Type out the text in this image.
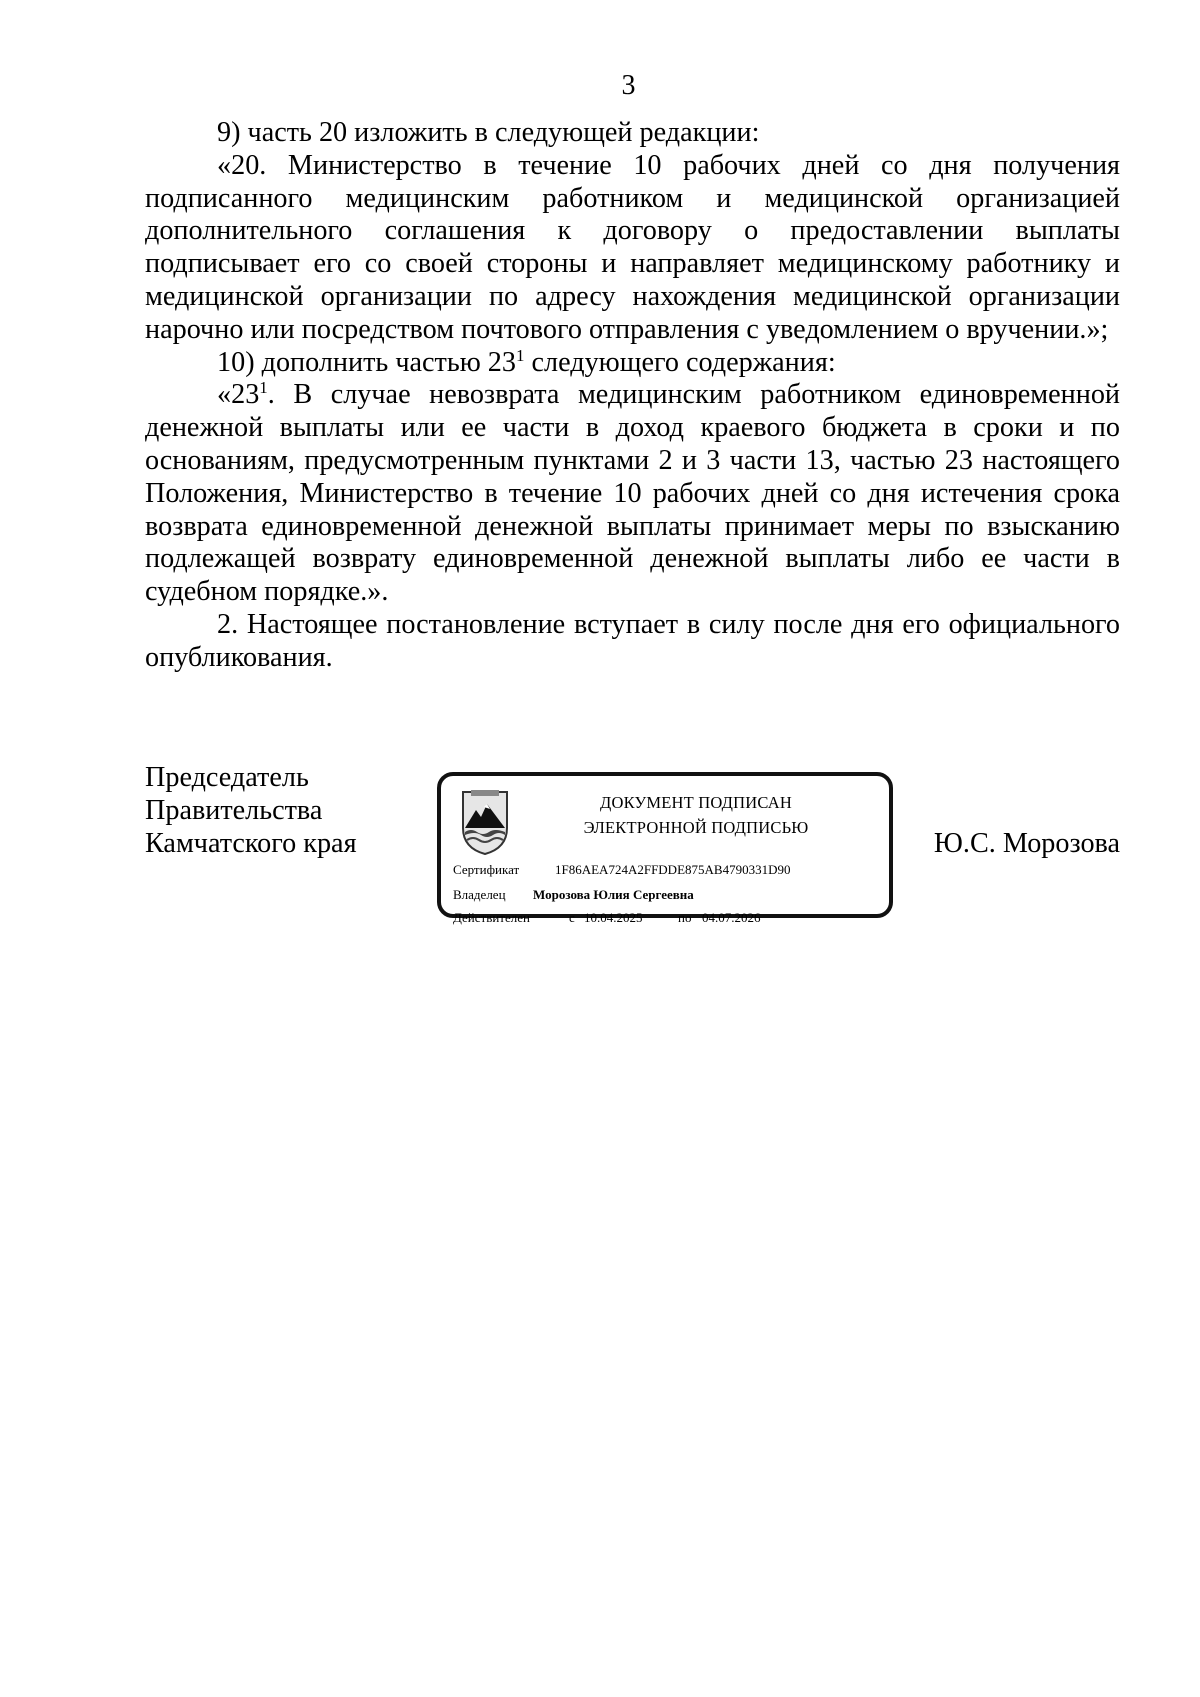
3

9) часть 20 изложить в следующей редакции:

«20. Министерство в течение 10 рабочих дней со дня получения подписанного медицинским работником и медицинской организацией дополнительного соглашения к договору о предоставлении выплаты подписывает его со своей стороны и направляет медицинскому работнику и медицинской организации по адресу нахождения медицинской организации нарочно или посредством почтового отправления с уведомлением о вручении.»;

10) дополнить частью $23^1$ следующего содержания:

«$23^1$. В случае невозврата медицинским работником единовременной денежной выплаты или ее части в доход краевого бюджета в сроки и по основаниям, предусмотренным пунктами 2 и 3 части 13, частью 23 настоящего Положения, Министерство в течение 10 рабочих дней со дня истечения срока возврата единовременной денежной выплаты принимает меры по взысканию подлежащей возврату единовременной денежной выплаты либо ее части в судебном порядке.».

2. Настоящее постановление вступает в силу после дня его официального опубликования.

Председатель
Правительства
Камчатского края
ДОКУМЕНТ ПОДПИСАН
ЭЛЕКТРОННОЙ ПОДПИСЬЮ
Сертификат	1F86AEA724A2FFDDE875AB4790331D90
Владелец Морозова Юлия Сергеевна
Действителен	с 10.04.2025	по 04.07.2026
Ю.С. Морозова
